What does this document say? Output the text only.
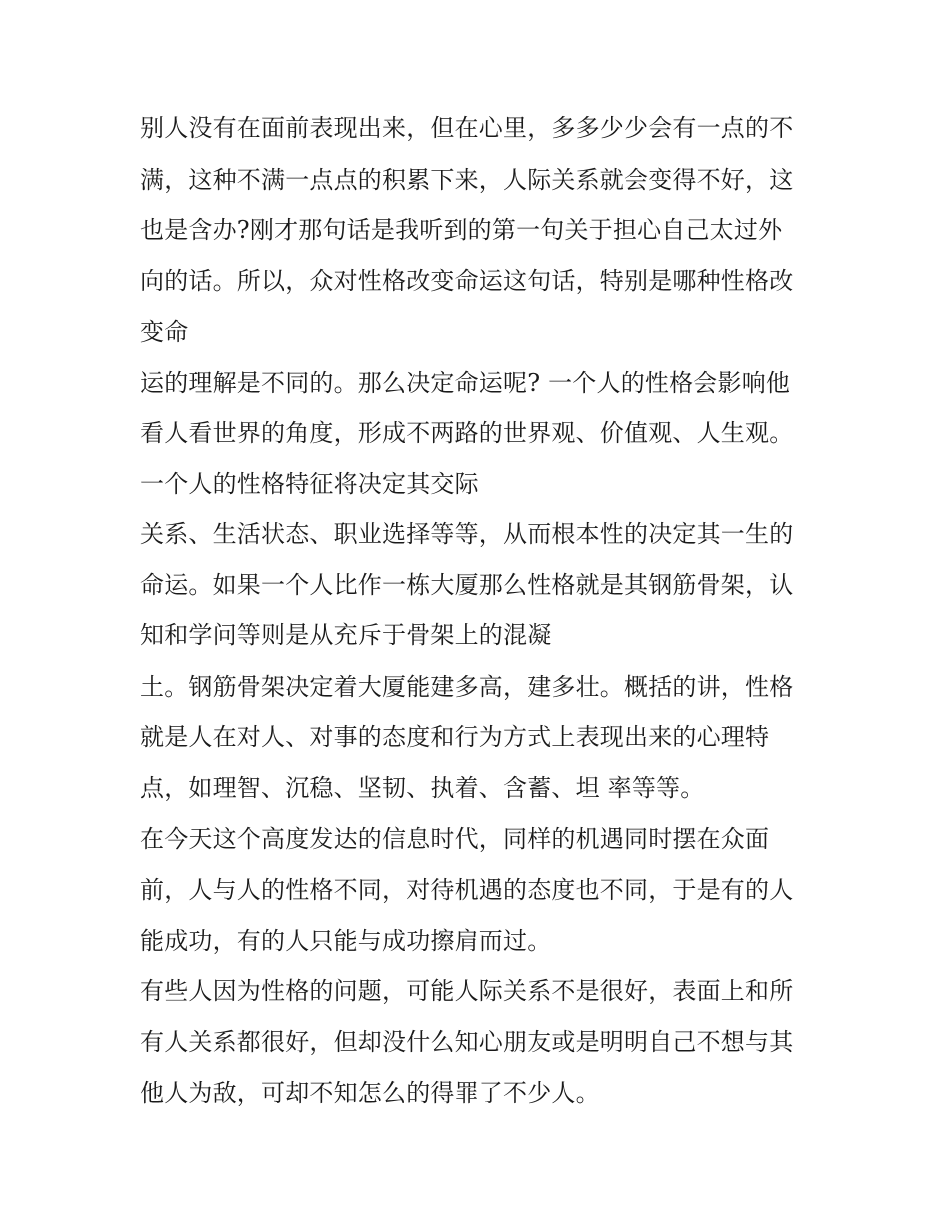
别人没有在面前表现出来，但在心里，多多少少会有一点的不
满，这种不满一点点的积累下来，人际关系就会变得不好，这
也是含办?刚才那句话是我听到的第一句关于担心自己太过外
向的话。所以，众对性格改变命运这句话，特别是哪种性格改
变命
运的理解是不同的。那么决定命运呢? 一个人的性格会影响他
看人看世界的角度，形成不两路的世界观、价值观、人生观。
一个人的性格特征将决定其交际
关系、生活状态、职业选择等等，从而根本性的决定其一生的
命运。如果一个人比作一栋大厦那么性格就是其钢筋骨架，认
知和学问等则是从充斥于骨架上的混凝
土。钢筋骨架决定着大厦能建多高，建多壮。概括的讲，性格
就是人在对人、对事的态度和行为方式上表现出来的心理特
点，如理智、沉稳、坚韧、执着、含蓄、坦 率等等。
在今天这个高度发达的信息时代，同样的机遇同时摆在众面
前，人与人的性格不同，对待机遇的态度也不同，于是有的人
能成功，有的人只能与成功擦肩而过。
有些人因为性格的问题，可能人际关系不是很好，表面上和所
有人关系都很好，但却没什么知心朋友或是明明自己不想与其
他人为敌，可却不知怎么的得罪了不少人。
